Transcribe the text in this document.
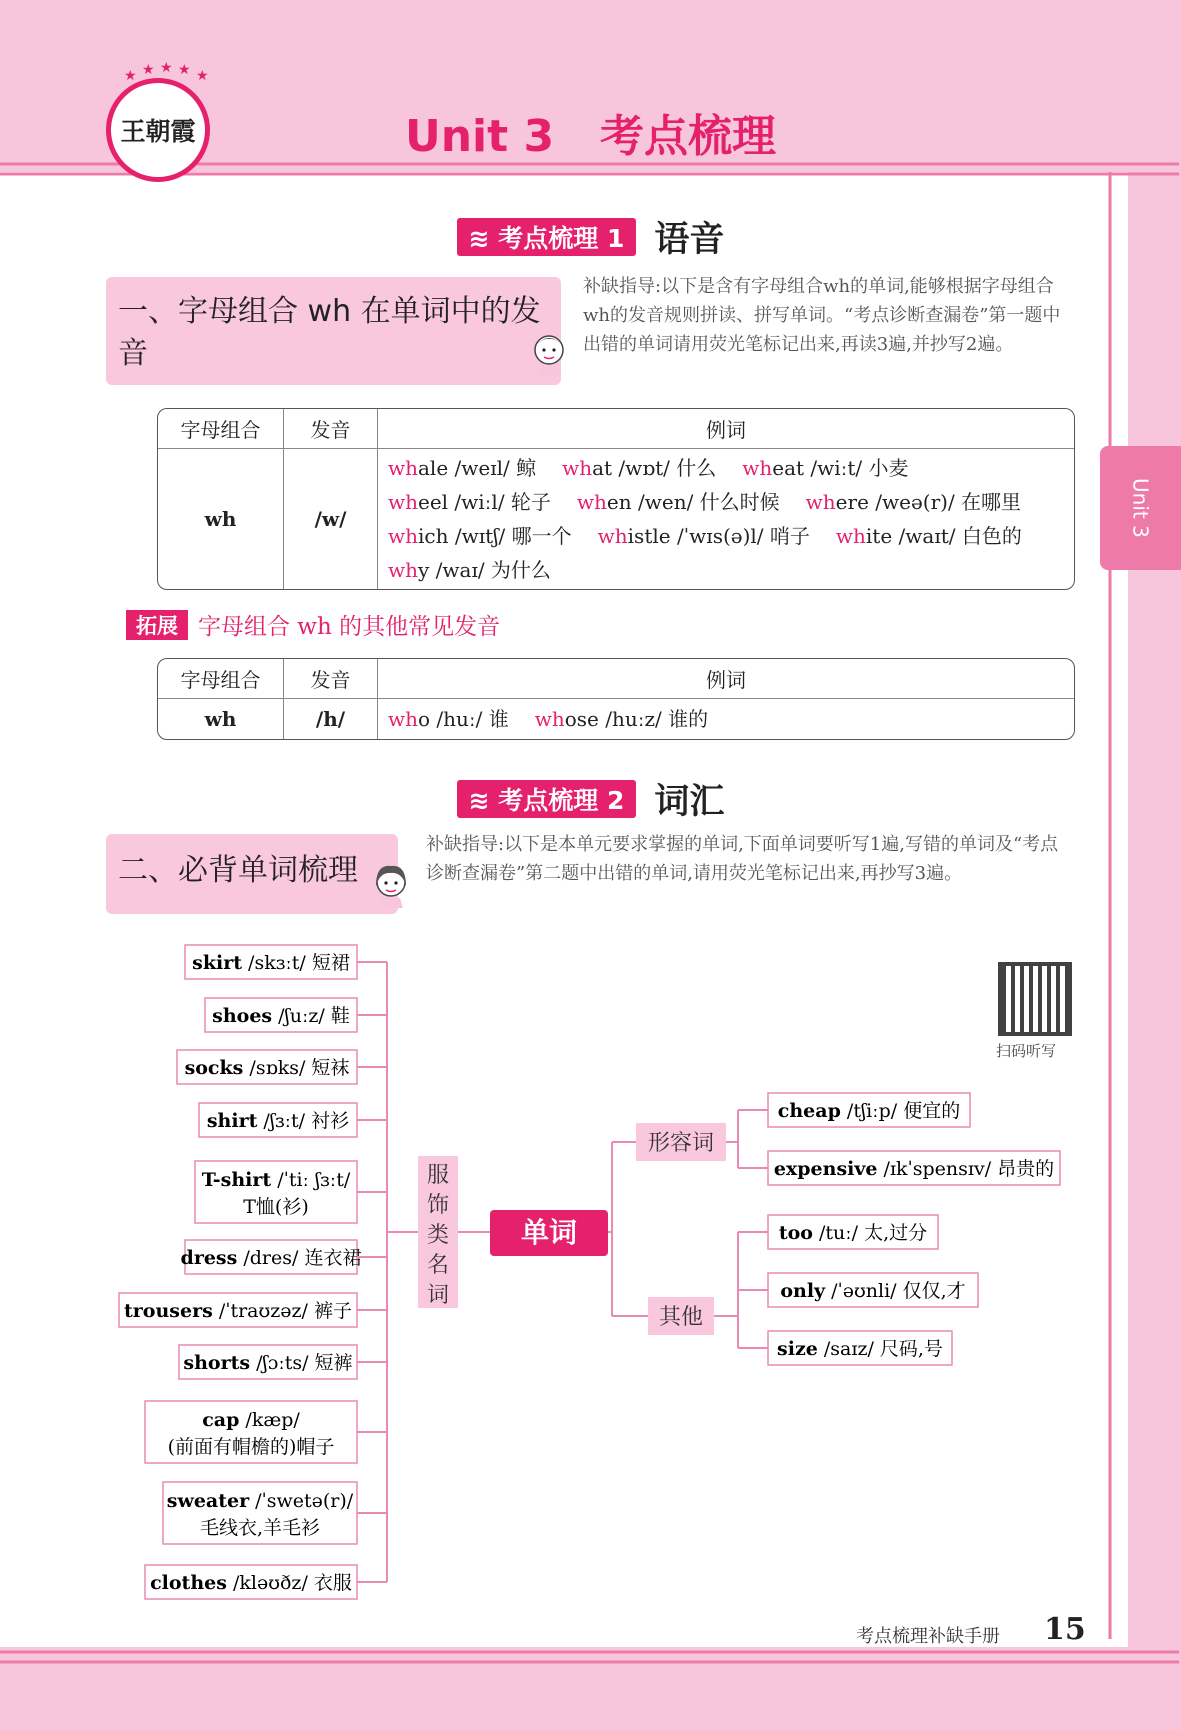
★ ★ ★ ★ ★
王朝霞	Unit 3   考点梳理
Unit 3
≋ 考点梳理 1 语音
一、字母组合 wh 在单词中的发音
补缺指导:以下是含有字母组合wh的单词,能够根据字母组合wh的发音规则拼读、拼写单词。“考点诊断查漏卷”第一题中出错的单词请用荧光笔标记出来,再读3遍,并抄写2遍。
字母组合	发音	例词
wh	/w/	whale /weɪl/ 鲸 what /wɒt/ 什么 wheat /wiːt/ 小麦
wheel /wiːl/ 轮子 when /wen/ 什么时候 where /weə(r)/ 在哪里
which /wɪtʃ/ 哪一个 whistle /ˈwɪs(ə)l/ 哨子 white /waɪt/ 白色的
why /waɪ/ 为什么
拓展 字母组合 wh 的其他常见发音
字母组合	发音	例词
wh	/h/	who /huː/ 谁 whose /huːz/ 谁的
≋ 考点梳理 2 词汇
二、必背单词梳理
补缺指导:以下是本单元要求掌握的单词,下面单词要听写1遍,写错的单词及“考点诊断查漏卷”第二题中出错的单词,请用荧光笔标记出来,再抄写3遍。
扫码听写
skirt /skɜːt/ 短裙
shoes /ʃuːz/ 鞋
socks /sɒks/ 短袜
shirt /ʃɜːt/ 衬衫
T-shirt /ˈtiː ʃɜːt/
T恤(衫)
dress /dres/ 连衣裙
trousers /ˈtraʊzəz/ 裤子
shorts /ʃɔːts/ 短裤
cap /kæp/
(前面有帽檐的)帽子
sweater /ˈswetə(r)/
毛线衣,羊毛衫
clothes /kləʊðz/ 衣服
服
饰
类
名
词
单词
形容词
其他
cheap /tʃiːp/ 便宜的
expensive /ɪkˈspensɪv/ 昂贵的
too /tuː/ 太,过分
only /ˈəʊnli/ 仅仅,才
size /saɪz/ 尺码,号
考点梳理补缺手册 15
